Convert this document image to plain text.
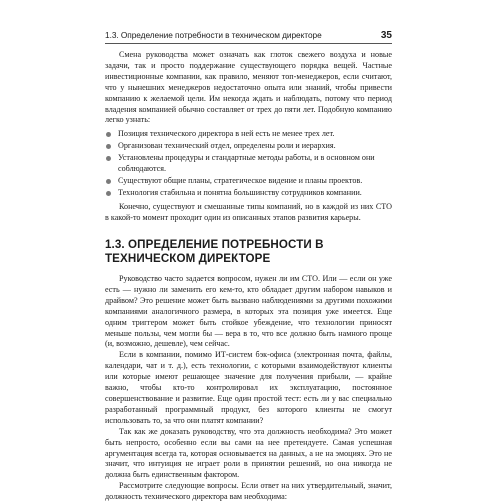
1.3. Определение потребности в техническом директоре	35

Смена руководства может означать как глоток свежего воздуха и новые задачи, так и просто поддержание существующего порядка вещей. Частные инвестиционные компании, как правило, меняют топ-менеджеров, если считают, что у нынешних менеджеров недостаточно опыта или знаний, чтобы привести компанию к желаемой цели. Им некогда ждать и наблюдать, потому что период владения компанией обычно составляет от трех до пяти лет. Подобную компанию легко узнать:

Позиция технического директора в ней есть не менее трех лет.
Организован технический отдел, определены роли и иерархия.
Установлены процедуры и стандартные методы работы, и в основном они соблюдаются.
Существуют общие планы, стратегическое видение и планы проектов.
Технология стабильна и понятна большинству сотрудников компании.

Конечно, существуют и смешанные типы компаний, но в каждой из них СТО в какой-то момент проходит один из описанных этапов развития карьеры.

1.3. ОПРЕДЕЛЕНИЕ ПОТРЕБНОСТИ В ТЕХНИЧЕСКОМ ДИРЕКТОРЕ

Руководство часто задается вопросом, нужен ли им СТО. Или — если он уже есть — нужно ли заменить его кем-то, кто обладает другим набором навыков и драйвом? Это решение может быть вызвано наблюдениями за другими похожими компаниями аналогичного размера, в которых эта позиция уже имеется. Еще одним триггером может быть стойкое убеждение, что технологии приносят меньше пользы, чем могли бы — вера в то, что все должно быть намного проще (и, возможно, дешевле), чем сейчас.

Если в компании, помимо ИТ-систем бэк-офиса (электронная почта, файлы, календари, чат и т. д.), есть технологии, с которыми взаимодействуют клиенты или которые имеют решающее значение для получения прибыли, — крайне важно, чтобы кто-то контролировал их эксплуатацию, постоянное совершенствование и развитие. Еще один простой тест: есть ли у вас специально разработанный программный продукт, без которого клиенты не смогут использовать то, за что они платят компании?

Так как же доказать руководству, что эта должность необходима? Это может быть непросто, особенно если вы сами на нее претендуете. Самая успешная аргументация всегда та, которая основывается на данных, а не на эмоциях. Это не значит, что интуиция не играет роли в принятии решений, но она никогда не должна быть единственным фактором.

Рассмотрите следующие вопросы. Если ответ на них утвердительный, значит, должность технического директора вам необходима:
